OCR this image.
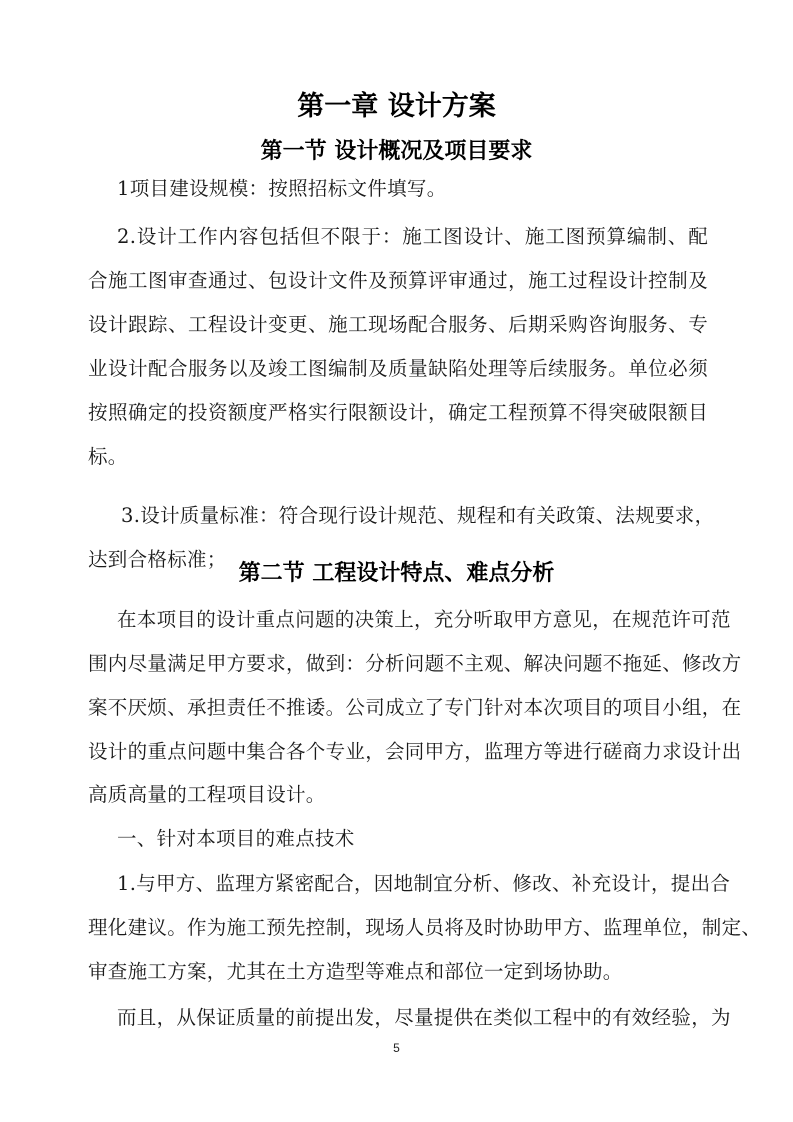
第一章 设计方案
第一节 设计概况及项目要求
1项目建设规模：按照招标文件填写。
2.设计工作内容包括但不限于：施工图设计、施工图预算编制、配
合施工图审查通过、包设计文件及预算评审通过，施工过程设计控制及
设计跟踪、工程设计变更、施工现场配合服务、后期采购咨询服务、专
业设计配合服务以及竣工图编制及质量缺陷处理等后续服务。单位必须
按照确定的投资额度严格实行限额设计，确定工程预算不得突破限额目
标。
3.设计质量标准：符合现行设计规范、规程和有关政策、法规要求，
达到合格标准；
第二节 工程设计特点、难点分析
在本项目的设计重点问题的决策上，充分听取甲方意见，在规范许可范
围内尽量满足甲方要求，做到：分析问题不主观、解决问题不拖延、修改方
案不厌烦、承担责任不推诿。公司成立了专门针对本次项目的项目小组，在
设计的重点问题中集合各个专业，会同甲方，监理方等进行磋商力求设计出
高质高量的工程项目设计。
一、针对本项目的难点技术
1.与甲方、监理方紧密配合，因地制宜分析、修改、补充设计，提出合
理化建议。作为施工预先控制，现场人员将及时协助甲方、监理单位，制定、
审查施工方案，尤其在土方造型等难点和部位一定到场协助。
而且，从保证质量的前提出发，尽量提供在类似工程中的有效经验，为
5
